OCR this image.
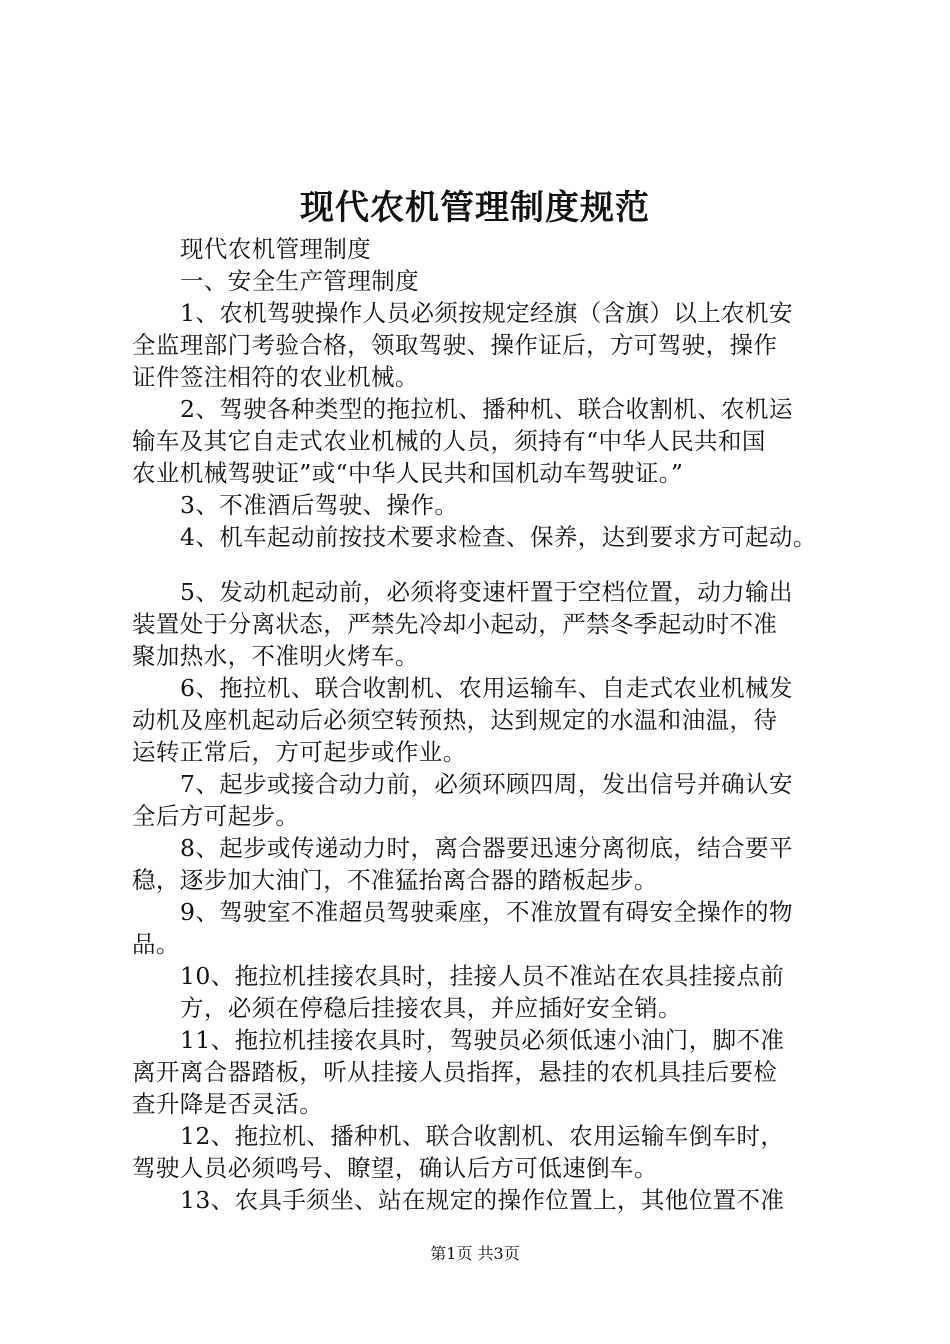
现代农机管理制度规范
现代农机管理制度
一、安全生产管理制度
1、农机驾驶操作人员必须按规定经旗（含旗）以上农机安
全监理部门考验合格，领取驾驶、操作证后，方可驾驶，操作
证件签注相符的农业机械。
2、驾驶各种类型的拖拉机、播种机、联合收割机、农机运
输车及其它自走式农业机械的人员，须持有“中华人民共和国
农业机械驾驶证”或“中华人民共和国机动车驾驶证。”
3、不准酒后驾驶、操作。
4、机车起动前按技术要求检查、保养，达到要求方可起动。
5、发动机起动前，必须将变速杆置于空档位置，动力输出
装置处于分离状态，严禁先冷却小起动，严禁冬季起动时不准
聚加热水，不准明火烤车。
6、拖拉机、联合收割机、农用运输车、自走式农业机械发
动机及座机起动后必须空转预热，达到规定的水温和油温，待
运转正常后，方可起步或作业。
7、起步或接合动力前，必须环顾四周，发出信号并确认安
全后方可起步。
8、起步或传递动力时，离合器要迅速分离彻底，结合要平
稳，逐步加大油门，不准猛抬离合器的踏板起步。
9、驾驶室不准超员驾驶乘座，不准放置有碍安全操作的物
品。
10、拖拉机挂接农具时，挂接人员不准站在农具挂接点前
方，必须在停稳后挂接农具，并应插好安全销。
11、拖拉机挂接农具时，驾驶员必须低速小油门，脚不准
离开离合器踏板，听从挂接人员指挥，悬挂的农机具挂后要检
查升降是否灵活。
12、拖拉机、播种机、联合收割机、农用运输车倒车时，
驾驶人员必须鸣号、瞭望，确认后方可低速倒车。
13、农具手须坐、站在规定的操作位置上，其他位置不准
第1页 共3页
